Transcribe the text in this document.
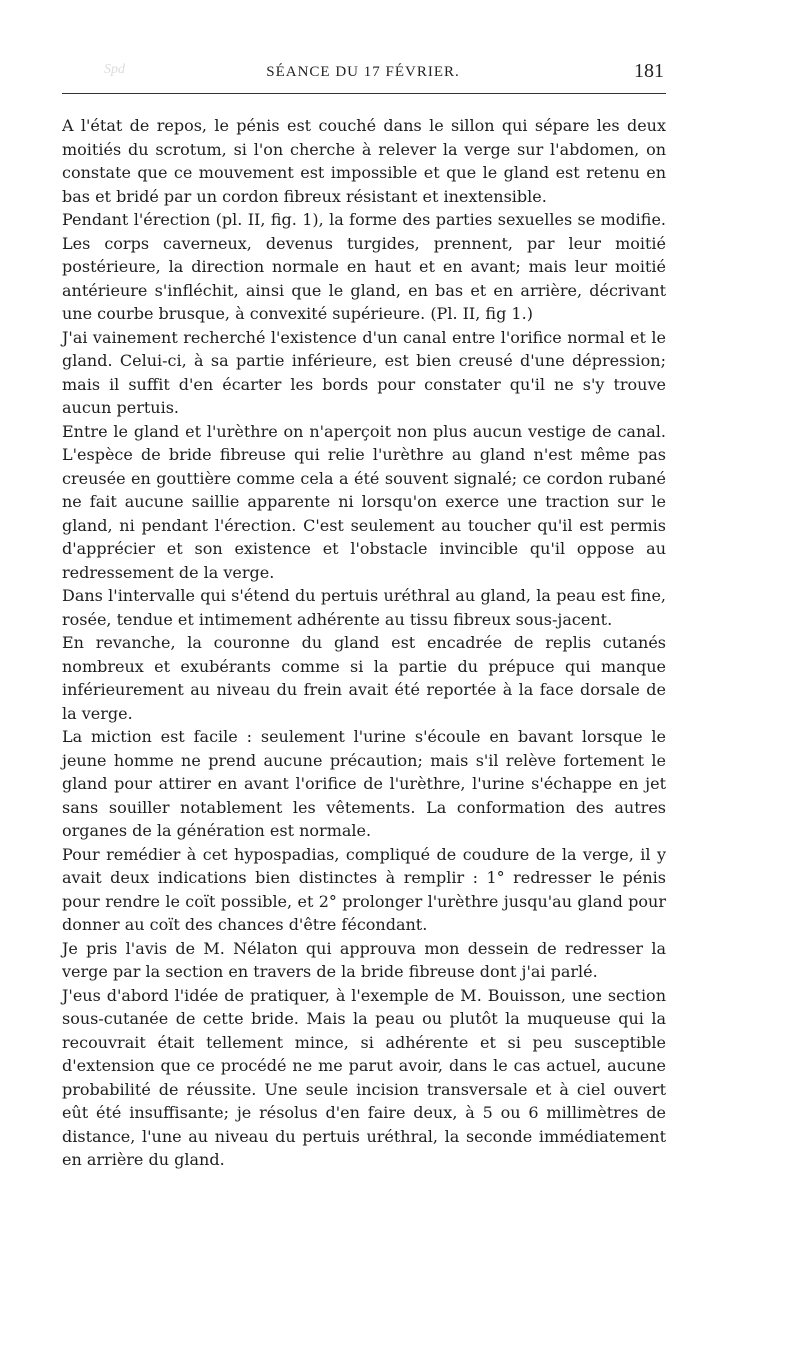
Spd	SÉANCE DU 17 FÉVRIER.	181

A l'état de repos, le pénis est couché dans le sillon qui sépare les deux moitiés du scrotum, si l'on cherche à relever la verge sur l'abdomen, on constate que ce mouvement est impossible et que le gland est retenu en bas et bridé par un cordon fibreux résistant et inextensible.

Pendant l'érection (pl. II, fig. 1), la forme des parties sexuelles se modifie. Les corps caverneux, devenus turgides, prennent, par leur moitié postérieure, la direction normale en haut et en avant; mais leur moitié antérieure s'infléchit, ainsi que le gland, en bas et en arrière, décrivant une courbe brusque, à convexité supérieure. (Pl. II, fig 1.)

J'ai vainement recherché l'existence d'un canal entre l'orifice normal et le gland. Celui-ci, à sa partie inférieure, est bien creusé d'une dépression; mais il suffit d'en écarter les bords pour constater qu'il ne s'y trouve aucun pertuis.

Entre le gland et l'urèthre on n'aperçoit non plus aucun vestige de canal. L'espèce de bride fibreuse qui relie l'urèthre au gland n'est même pas creusée en gouttière comme cela a été souvent signalé; ce cordon rubané ne fait aucune saillie apparente ni lorsqu'on exerce une traction sur le gland, ni pendant l'érection. C'est seulement au toucher qu'il est permis d'apprécier et son existence et l'obstacle invincible qu'il oppose au redressement de la verge.

Dans l'intervalle qui s'étend du pertuis uréthral au gland, la peau est fine, rosée, tendue et intimement adhérente au tissu fibreux sous-jacent.

En revanche, la couronne du gland est encadrée de replis cutanés nombreux et exubérants comme si la partie du prépuce qui manque inférieurement au niveau du frein avait été reportée à la face dorsale de la verge.

La miction est facile : seulement l'urine s'écoule en bavant lorsque le jeune homme ne prend aucune précaution; mais s'il relève fortement le gland pour attirer en avant l'orifice de l'urèthre, l'urine s'échappe en jet sans souiller notablement les vêtements. La conformation des autres organes de la génération est normale.

Pour remédier à cet hypospadias, compliqué de coudure de la verge, il y avait deux indications bien distinctes à remplir : 1° redresser le pénis pour rendre le coït possible, et 2° prolonger l'urèthre jusqu'au gland pour donner au coït des chances d'être fécondant.

Je pris l'avis de M. Nélaton qui approuva mon dessein de redresser la verge par la section en travers de la bride fibreuse dont j'ai parlé.

J'eus d'abord l'idée de pratiquer, à l'exemple de M. Bouisson, une section sous-cutanée de cette bride. Mais la peau ou plutôt la muqueuse qui la recouvrait était tellement mince, si adhérente et si peu susceptible d'extension que ce procédé ne me parut avoir, dans le cas actuel, aucune probabilité de réussite. Une seule incision transversale et à ciel ouvert eût été insuffisante; je résolus d'en faire deux, à 5 ou 6 millimètres de distance, l'une au niveau du pertuis uréthral, la seconde immédiatement en arrière du gland.
